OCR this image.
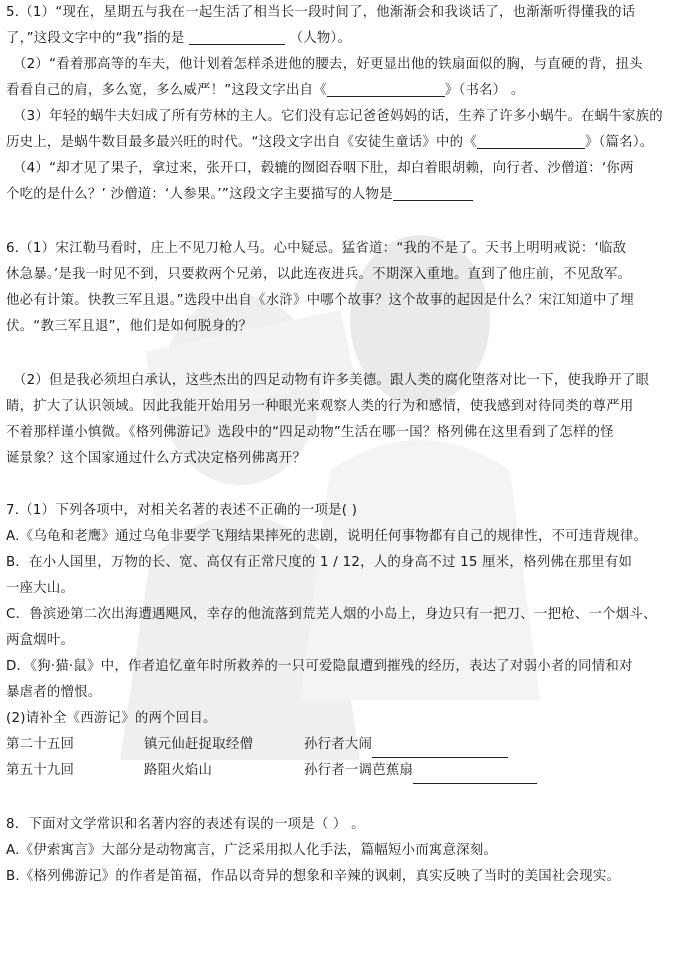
5.（1）“现在，星期五与我在一起生活了相当长一段时间了，他渐渐会和我谈话了，也渐渐听得懂我的话

了，”这段文字中的“我”指的是	（人物）。

（2）“看着那高等的车夫，他计划着怎样杀进他的腰去，好更显出他的铁扇面似的胸，与直硬的背，扭头

看看自己的肩，多么宽，多么威严！”这段文字出自《	》（书名） 。

（3）年轻的蜗牛夫妇成了所有劳林的主人。它们没有忘记爸爸妈妈的话，生养了许多小蜗牛。在蜗牛家族的

历史上，是蜗牛数目最多最兴旺的时代。“这段文字出自《安徒生童话》中的《	》（篇名）。

（4）“却才见了果子，拿过来，张开口，毂辘的囫囵吞咽下肚，却白着眼胡赖，向行者、沙僧道：‘你两

个吃的是什么？’ 沙僧道：‘人参果。’”这段文字主要描写的人物是

6.（1）宋江勒马看时，庄上不见刀枪人马。心中疑忌。猛省道：“我的不是了。天书上明明戒说：‘临敌

休急暴。’是我一时见不到，只要救两个兄弟，以此连夜进兵。不期深入重地。直到了他庄前，不见敌军。

他必有计策。快教三军且退。”选段中出自《水浒》中哪个故事？这个故事的起因是什么？宋江知道中了埋

伏。“教三军且退”，他们是如何脱身的？

（2）但是我必须坦白承认，这些杰出的四足动物有许多美德。跟人类的腐化堕落对比一下，使我睁开了眼

睛，扩大了认识领域。因此我能开始用另一种眼光来观察人类的行为和感情，使我感到对待同类的尊严用

不着那样谨小慎微。《格列佛游记》选段中的“四足动物”生活在哪一国？格列佛在这里看到了怎样的怪

诞景象？这个国家通过什么方式决定格列佛离开？

7.（1）下列各项中，对相关名著的表述不正确的一项是( )

A.《乌龟和老鹰》通过乌龟非要学飞翔结果摔死的悲剧，说明任何事物都有自己的规律性，不可违背规律。

B．在小人国里，万物的长、宽、高仅有正常尺度的 1 / 12，人的身高不过 15 厘米，格列佛在那里有如

一座大山。

C．鲁滨逊第二次出海遭遇飓风，幸存的他流落到荒芜人烟的小岛上，身边只有一把刀、一把枪、一个烟斗、

两盒烟叶。

D．《狗·猫·鼠》中，作者追忆童年时所救养的一只可爱隐鼠遭到摧残的经历，表达了对弱小者的同情和对

暴虐者的憎恨。

(2)请补全《西游记》的两个回目。

第二十五回	镇元仙赶捉取经僧	孙行者大闹
第五十九回	路阻火焰山	孙行者一调芭蕉扇

8．下面对文学常识和名著内容的表述有误的一项是（ ） 。

A.《伊索寓言》大部分是动物寓言，广泛采用拟人化手法，篇幅短小而寓意深刻。

B.《格列佛游记》的作者是笛福，作品以奇异的想象和辛辣的讽刺，真实反映了当时的美国社会现实。
